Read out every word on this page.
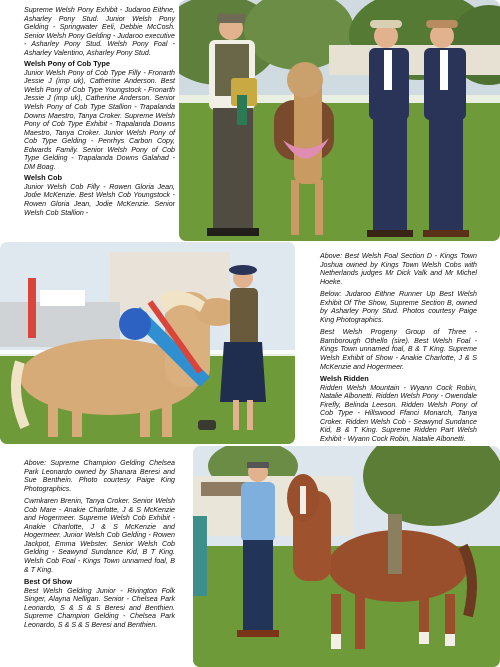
Supreme Welsh Pony Exhibit - Judaroo Eithne, Asharley Pony Stud. Junior Welsh Pony Gelding - Springwater Eeli, Debbie McCosh. Senior Welsh Pony Gelding - Judaroo executive - Asharley Pony Stud. Welsh Pony Foal - Asharley Valentino, Asharley Pony Stud.

Welsh Pony of Cob Type

Junior Welsh Pony of Cob Type Filly - Fronarth Jessie J (imp uk), Catherine Anderson. Best Welsh Pony of Cob Type Youngstock - Fronarth Jessie J (imp uk), Catherine Anderson. Senior Welsh Pony of Cob Type Stallion - Trapalanda Downs Maestro, Tanya Croker. Supreme Welsh Pony of Cob Type Exhibit - Trapalanda Downs Maestro, Tanya Croker. Junior Welsh Pony of Cob Type Gelding - Penrhys Carbon Copy, Edwards Family. Senior Welsh Pony of Cob Type Gelding - Trapalanda Downs Galahad - DM Boag.

Welsh Cob

Junior Welsh Cob Filly - Rowen Gloria Jean, Jodie McKenzie. Best Welsh Cob Youngstock - Rowen Gloria Jean, Jodie McKenzie. Senior Welsh Cob Stallion -

Above: Best Welsh Foal Section D - Kings Town Joshua owned by Kings Town Welsh Cobs with Netherlands judges Mr Dick Valk and Mr Michel Hoeke.

Below: Judaroo Eithne Runner Up Best Welsh Exhibit Of The Show, Supreme Section B, owned by Asharley Pony Stud. Photos courtesy Paige King Photographics.

Best Welsh Progeny Group of Three - Bamborough Othello (sire). Best Welsh Foal - Kings Town unnamed foal, B & T King. Supreme Welsh Exhibit of Show - Anakie Charlotte, J & S McKenzie and Hogermeer.

Welsh Ridden

Ridden Welsh Mountain - Wyann Cock Robin, Natalie Albonetti. Ridden Welsh Pony - Owendale Firefly, Belinda Leeson. Ridden Welsh Pony of Cob Type - Hillswood Ffanci Monarch, Tanya Croker. Ridden Welsh Cob - Seawynd Sundance Kid, B & T King. Supreme Ridden Part Welsh Exhibit - Wyann Cock Robin, Natalie Albonetti.

Above: Supreme Champion Gelding Chelsea Park Leonardo owned by Shanara Beresi and Sue Benthein. Photo courtesy Paige King Photographics.

Cwmkaren Brenin, Tanya Croker. Senior Welsh Cob Mare - Anakie Charlotte, J & S McKenzie and Hogermeer. Supreme Welsh Cob Exhibit - Anakie Charlotte, J & S McKenzie and Hogermeer. Junior Welsh Cob Gelding - Rowen Jackpot, Emma Webster. Senior Welsh Cob Gelding - Seawynd Sundance Kid, B T King. Welsh Cob Foal - Kings Town unnamed foal, B & T King.

Best Of Show

Best Welsh Gelding Junior - Rivington Folk Singer, Alayna Nelligan. Senior - Chelsea Park Leonardo, S & S & S Beresi and Benthien. Supreme Champion Gelding - Chelsea Park Leonardo, S & S & S Beresi and Benthien.
